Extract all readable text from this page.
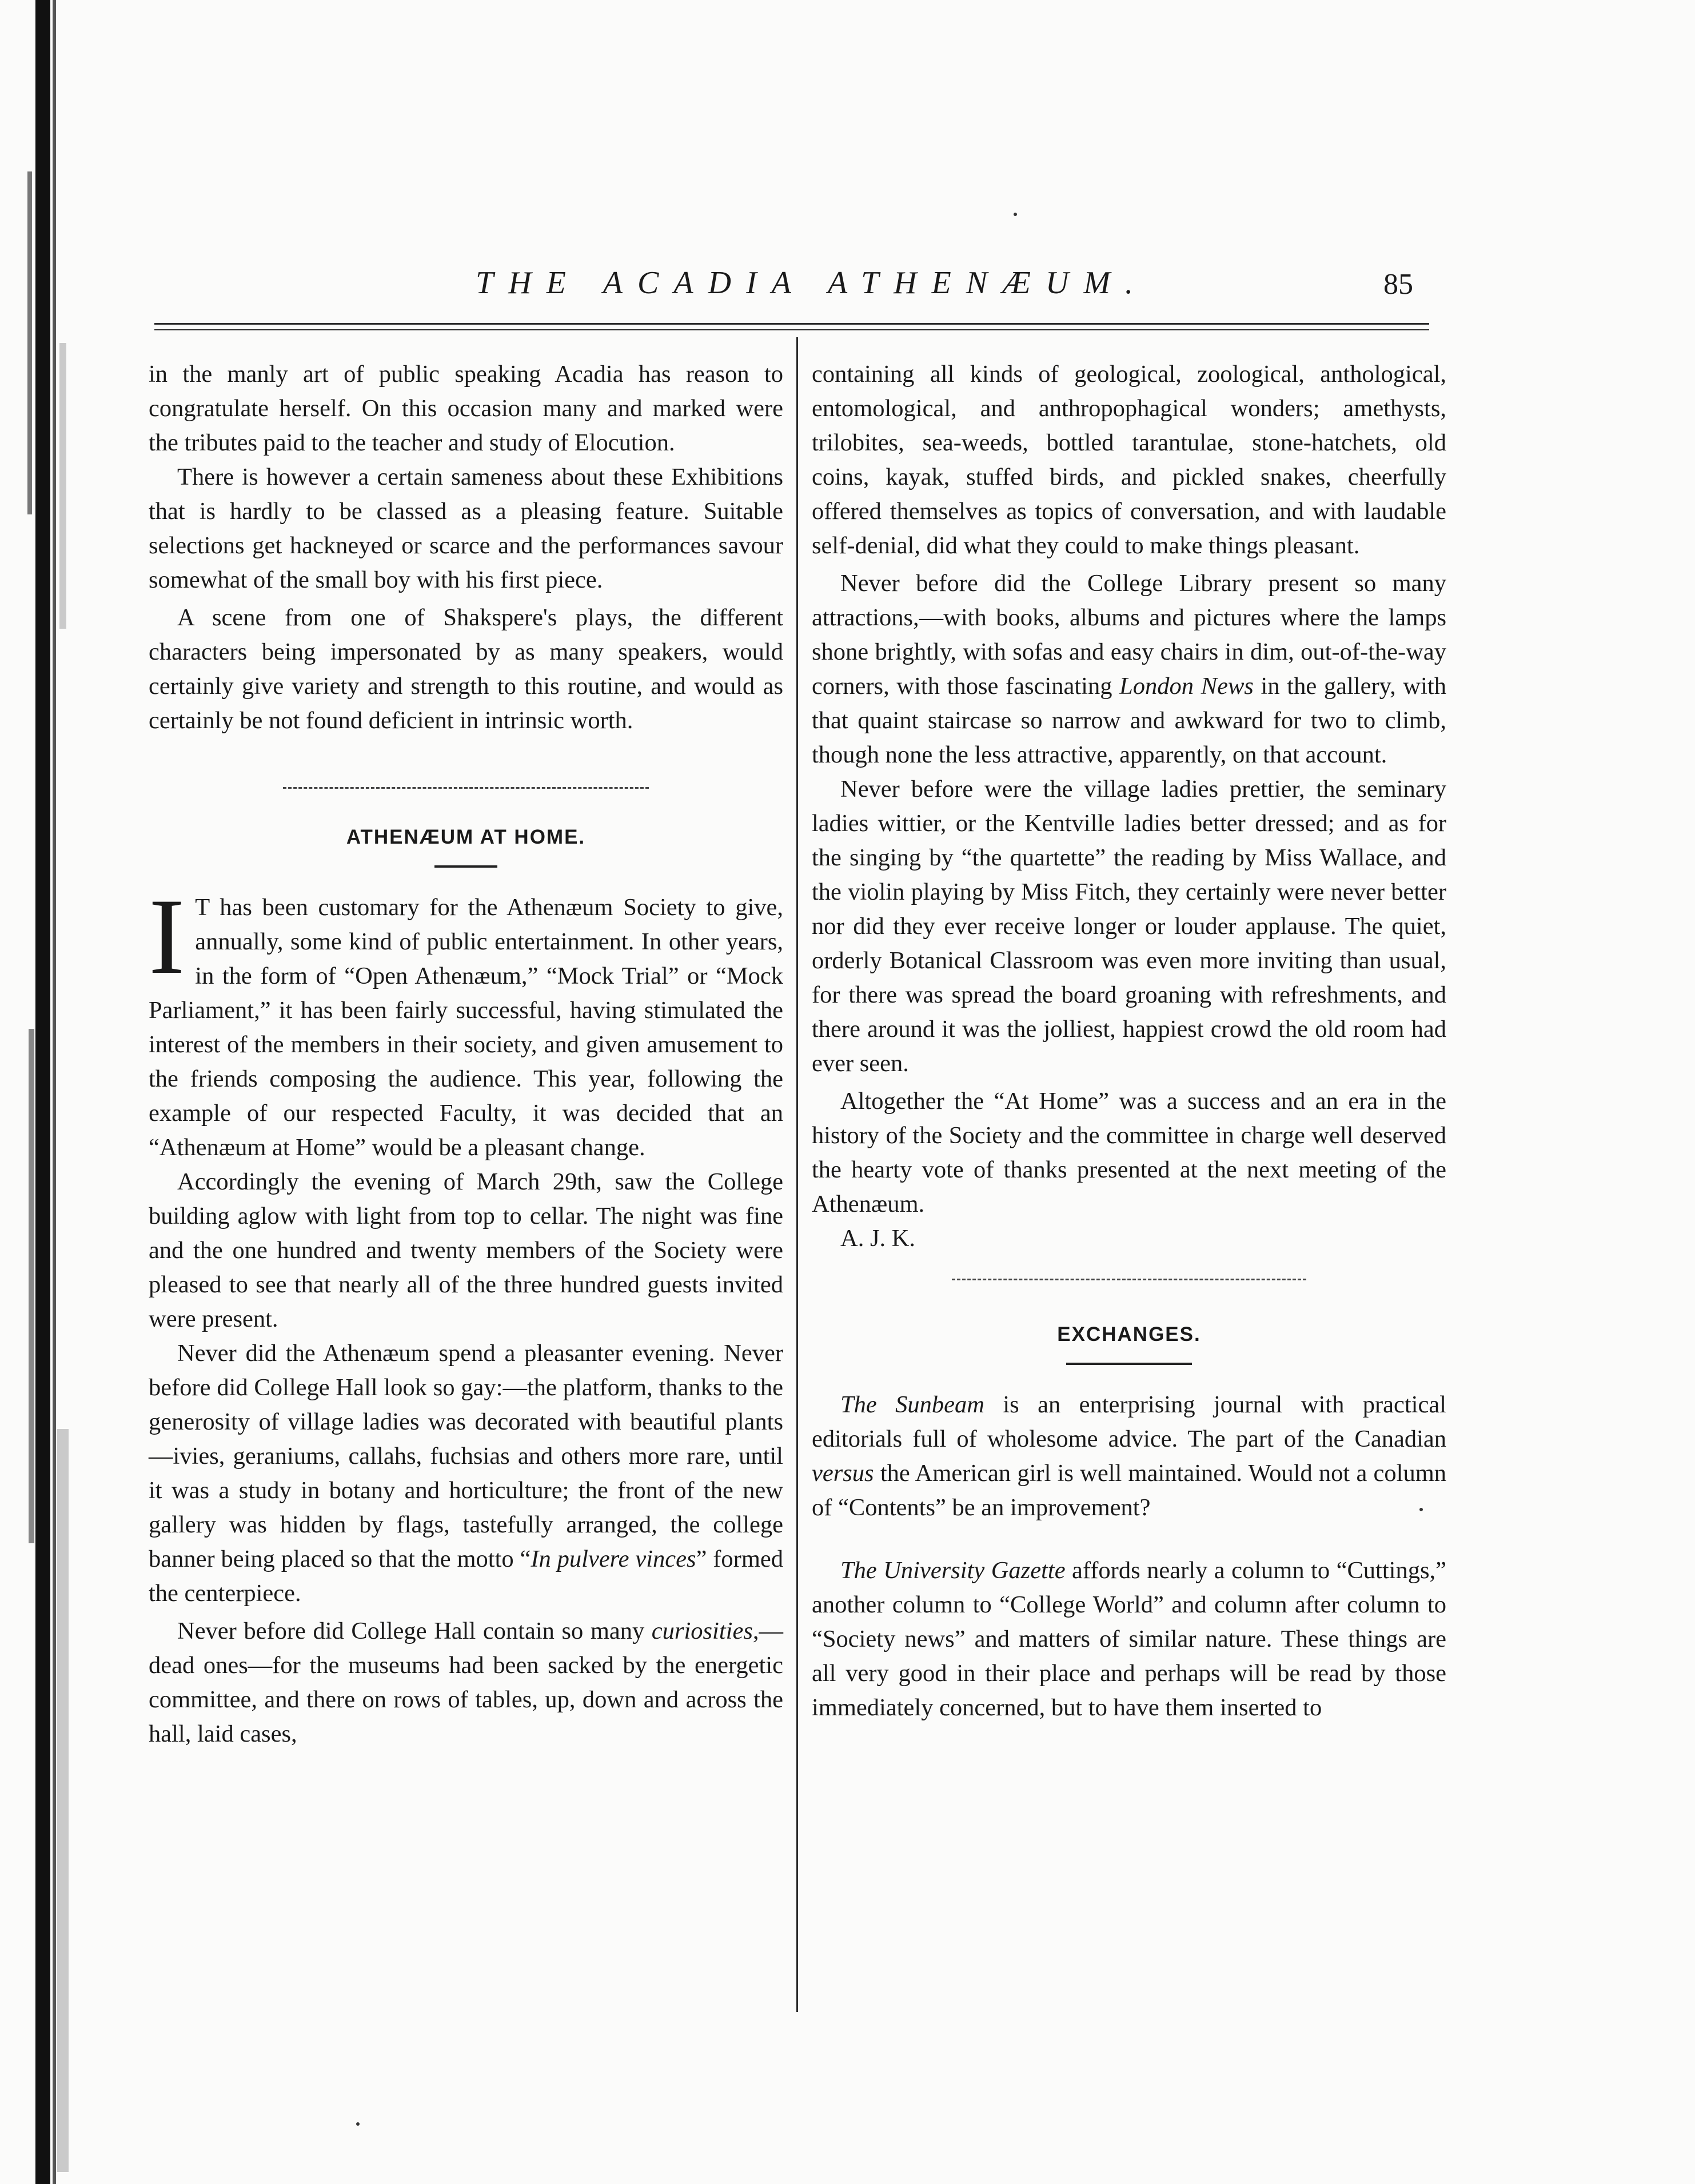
THE ACADIA ATHENÆUM.	85

in the manly art of public speaking Acadia has reason to congratulate herself. On this occasion many and marked were the tributes paid to the teacher and study of Elocution.

There is however a certain sameness about these Exhibitions that is hardly to be classed as a pleasing feature. Suitable selections get hackneyed or scarce and the performances savour somewhat of the small boy with his first piece.

A scene from one of Shakspere's plays, the different characters being impersonated by as many speakers, would certainly give variety and strength to this routine, and would as certainly be not found deficient in intrinsic worth.

ATHENÆUM AT HOME.

I T has been customary for the Athenæum Society to give, annually, some kind of public entertainment. In other years, in the form of “Open Athenæum,” “Mock Trial” or “Mock Parliament,” it has been fairly successful, having stimulated the interest of the members in their society, and given amusement to the friends composing the audience. This year, following the example of our respected Faculty, it was decided that an “Athenæum at Home” would be a pleasant change.

Accordingly the evening of March 29th, saw the College building aglow with light from top to cellar. The night was fine and the one hundred and twenty members of the Society were pleased to see that nearly all of the three hundred guests invited were present.

Never did the Athenæum spend a pleasanter evening. Never before did College Hall look so gay:—the platform, thanks to the generosity of village ladies was decorated with beautiful plants—ivies, geraniums, callahs, fuchsias and others more rare, until it was a study in botany and horticulture; the front of the new gallery was hidden by flags, tastefully arranged, the college banner being placed so that the motto “In pulvere vinces” formed the centerpiece.

Never before did College Hall contain so many curiosities,—dead ones—for the museums had been sacked by the energetic committee, and there on rows of tables, up, down and across the hall, laid cases,

containing all kinds of geological, zoological, anthological, entomological, and anthropophagical wonders; amethysts, trilobites, sea-weeds, bottled tarantulae, stone-hatchets, old coins, kayak, stuffed birds, and pickled snakes, cheerfully offered themselves as topics of conversation, and with laudable self-denial, did what they could to make things pleasant.

Never before did the College Library present so many attractions,—with books, albums and pictures where the lamps shone brightly, with sofas and easy chairs in dim, out-of-the-way corners, with those fascinating London News in the gallery, with that quaint staircase so narrow and awkward for two to climb, though none the less attractive, apparently, on that account.

Never before were the village ladies prettier, the seminary ladies wittier, or the Kentville ladies better dressed; and as for the singing by “the quartette” the reading by Miss Wallace, and the violin playing by Miss Fitch, they certainly were never better nor did they ever receive longer or louder applause. The quiet, orderly Botanical Classroom was even more inviting than usual, for there was spread the board groaning with refreshments, and there around it was the jolliest, happiest crowd the old room had ever seen.

Altogether the “At Home” was a success and an era in the history of the Society and the committee in charge well deserved the hearty vote of thanks presented at the next meeting of the Athenæum.

A. J. K.

EXCHANGES.

The Sunbeam is an enterprising journal with practical editorials full of wholesome advice. The part of the Canadian versus the American girl is well maintained. Would not a column of “Contents” be an improvement?

The University Gazette affords nearly a column to “Cuttings,” another column to “College World” and column after column to “Society news” and matters of similar nature. These things are all very good in their place and perhaps will be read by those immediately concerned, but to have them inserted to
